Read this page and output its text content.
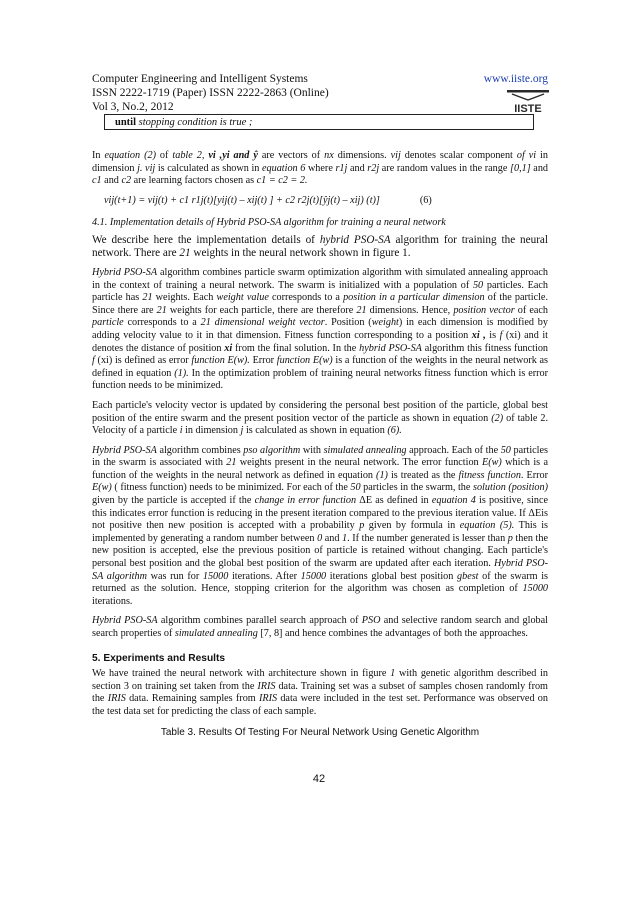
Computer Engineering and Intelligent Systems	www.iiste.org
ISSN 2222-1719 (Paper) ISSN 2222-2863 (Online)
Vol 3, No.2, 2012	IISTE
until stopping condition is true ;

In equation (2) of table 2, vi ,yi and ŷ are vectors of nx dimensions. vij denotes scalar component of vi in dimension j. vij is calculated as shown in equation 6 where r1j and r2j are random values in the range [0,1] and c1 and c2 are learning factors chosen as c1 = c2 = 2.

vij(t+1) = vij(t) + c1 r1j(t)[yij(t) – xij(t) ] + c2 r2j(t)[ŷj(t) – xij) (t)]	(6)
4.1. Implementation details of Hybrid PSO-SA algorithm for training a neural network

We describe here the implementation details of hybrid PSO-SA algorithm for training the neural network. There are 21 weights in the neural network shown in figure 1.

Hybrid PSO-SA algorithm combines particle swarm optimization algorithm with simulated annealing approach in the context of training a neural network. The swarm is initialized with a population of 50 particles. Each particle has 21 weights. Each weight value corresponds to a position in a particular dimension of the particle. Since there are 21 weights for each particle, there are therefore 21 dimensions. Hence, position vector of each particle corresponds to a 21 dimensional weight vector. Position (weight) in each dimension is modified by adding velocity value to it in that dimension. Fitness function corresponding to a position xi , is f (xi) and it denotes the distance of position xi from the final solution. In the hybrid PSO-SA algorithm this fitness function f (xi) is defined as error function E(w). Error function E(w) is a function of the weights in the neural network as defined in equation (1). In the optimization problem of training neural networks fitness function which is error function needs to be minimized.

Each particle's velocity vector is updated by considering the personal best position of the particle, global best position of the entire swarm and the present position vector of the particle as shown in equation (2) of table 2. Velocity of a particle i in dimension j is calculated as shown in equation (6).

Hybrid PSO-SA algorithm combines pso algorithm with simulated annealing approach. Each of the 50 particles in the swarm is associated with 21 weights present in the neural network. The error function E(w) which is a function of the weights in the neural network as defined in equation (1) is treated as the fitness function. Error E(w) ( fitness function) needs to be minimized. For each of the 50 particles in the swarm, the solution (position) given by the particle is accepted if the change in error function ΔE as defined in equation 4 is positive, since this indicates error function is reducing in the present iteration compared to the previous iteration value. If ΔEis not positive then new position is accepted with a probability p given by formula in equation (5). This is implemented by generating a random number between 0 and 1. If the number generated is lesser than p then the new position is accepted, else the previous position of particle is retained without changing. Each particle's personal best position and the global best position of the swarm are updated after each iteration. Hybrid PSO-SA algorithm was run for 15000 iterations. After 15000 iterations global best position gbest of the swarm is returned as the solution. Hence, stopping criterion for the algorithm was chosen as completion of 15000 iterations.

Hybrid PSO-SA algorithm combines parallel search approach of PSO and selective random search and global search properties of simulated annealing [7, 8] and hence combines the advantages of both the approaches.

5. Experiments and Results

We have trained the neural network with architecture shown in figure 1 with genetic algorithm described in section 3 on training set taken from the IRIS data. Training set was a subset of samples chosen randomly from the IRIS data. Remaining samples from IRIS data were included in the test set. Performance was observed on the test data set for predicting the class of each sample.

Table 3. Results Of Testing For Neural Network Using Genetic Algorithm
42
